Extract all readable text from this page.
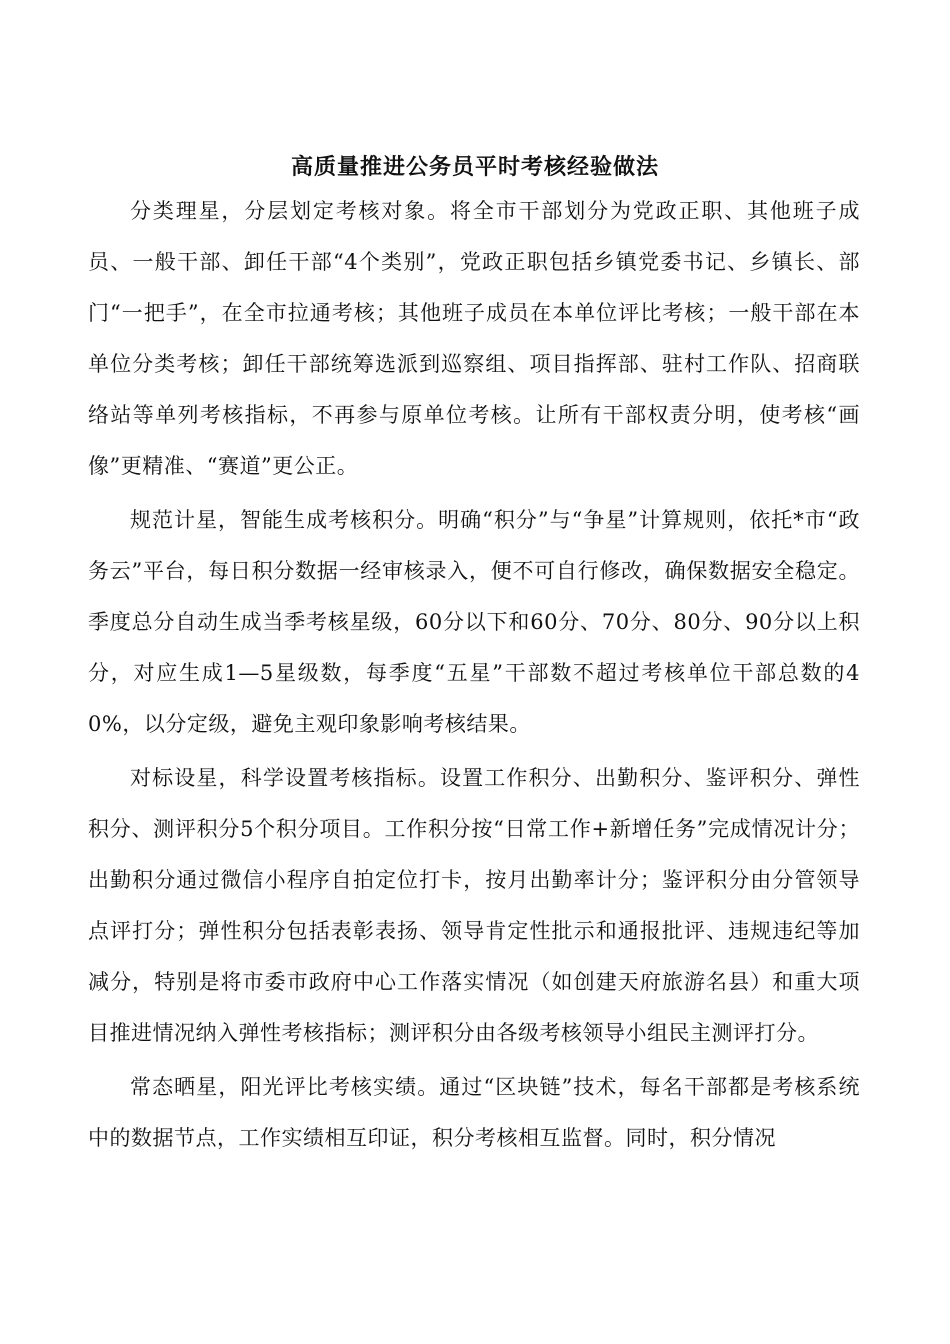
高质量推进公务员平时考核经验做法

分类理星，分层划定考核对象。将全市干部划分为党政正职、其他班子成员、一般干部、卸任干部“4个类别”，党政正职包括乡镇党委书记、乡镇长、部门“一把手”，在全市拉通考核；其他班子成员在本单位评比考核；一般干部在本单位分类考核；卸任干部统筹选派到巡察组、项目指挥部、驻村工作队、招商联络站等单列考核指标，不再参与原单位考核。让所有干部权责分明，使考核“画像”更精准、“赛道”更公正。

规范计星，智能生成考核积分。明确“积分”与“争星”计算规则，依托*市“政务云”平台，每日积分数据一经审核录入，便不可自行修改，确保数据安全稳定。季度总分自动生成当季考核星级，60分以下和60分、70分、80分、90分以上积分，对应生成1—5星级数，每季度“五星”干部数不超过考核单位干部总数的40%，以分定级，避免主观印象影响考核结果。

对标设星，科学设置考核指标。设置工作积分、出勤积分、鉴评积分、弹性积分、测评积分5个积分项目。工作积分按“日常工作+新增任务”完成情况计分；出勤积分通过微信小程序自拍定位打卡，按月出勤率计分；鉴评积分由分管领导点评打分；弹性积分包括表彰表扬、领导肯定性批示和通报批评、违规违纪等加减分，特别是将市委市政府中心工作落实情况（如创建天府旅游名县）和重大项目推进情况纳入弹性考核指标；测评积分由各级考核领导小组民主测评打分。

常态晒星，阳光评比考核实绩。通过“区块链”技术，每名干部都是考核系统中的数据节点，工作实绩相互印证，积分考核相互监督。同时，积分情况
